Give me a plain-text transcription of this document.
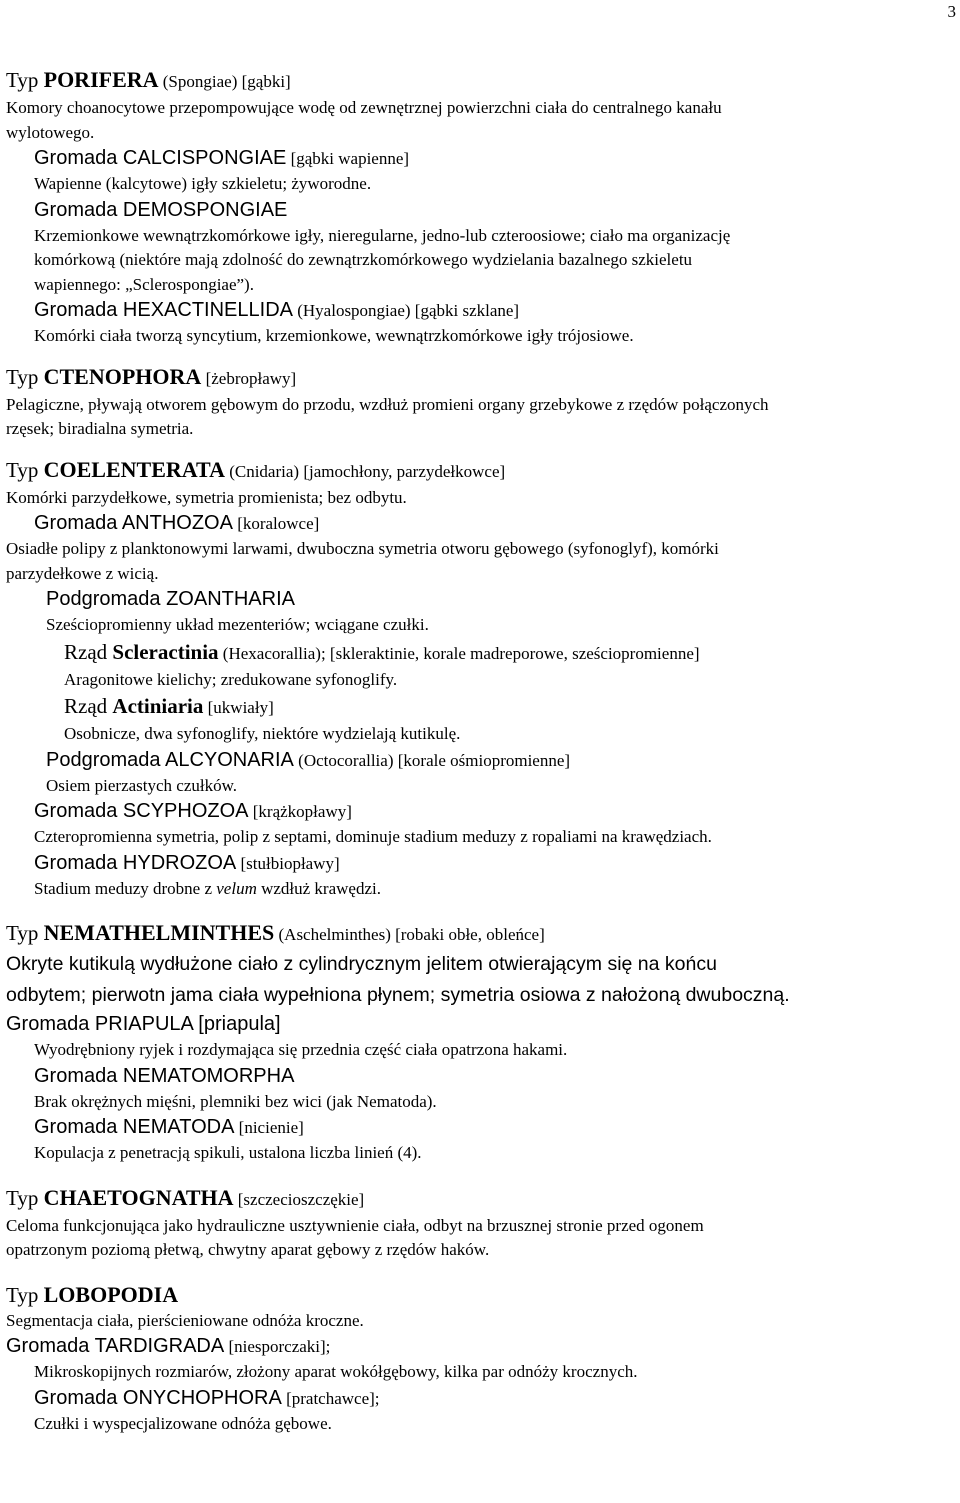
3
Typ PORIFERA (Spongiae) [gąbki]
Komory choanocytowe przepompowujące wodę od zewnętrznej powierzchni ciała do centralnego kanału
wylotowego.
Gromada CALCISPONGIAE [gąbki wapienne]
Wapienne (kalcytowe) igły szkieletu; żyworodne.
Gromada DEMOSPONGIAE
Krzemionkowe wewnątrzkomórkowe igły, nieregularne, jedno-lub czteroosiowe; ciało ma organizację
komórkową (niektóre mają zdolność do zewnątrzkomórkowego wydzielania bazalnego szkieletu
wapiennego: „Sclerospongiae”).
Gromada HEXACTINELLIDA (Hyalospongiae) [gąbki szklane]
Komórki ciała tworzą syncytium, krzemionkowe, wewnątrzkomórkowe igły trójosiowe.
Typ CTENOPHORA [żebropławy]
Pelagiczne, pływają otworem gębowym do przodu, wzdłuż promieni organy grzebykowe z rzędów połączonych
rzęsek; biradialna symetria.
Typ COELENTERATA (Cnidaria) [jamochłony, parzydełkowce]
Komórki parzydełkowe, symetria promienista; bez odbytu.
Gromada ANTHOZOA [koralowce]
Osiadłe polipy z planktonowymi larwami, dwuboczna symetria otworu gębowego (syfonoglyf), komórki
parzydełkowe z wicią.
Podgromada ZOANTHARIA
Sześciopromienny układ mezenteriów; wciągane czułki.
Rząd Scleractinia (Hexacorallia); [skleraktinie, korale madreporowe, sześciopromienne]
Aragonitowe kielichy; zredukowane syfonoglify.
Rząd Actiniaria [ukwiały]
Osobnicze, dwa syfonoglify, niektóre wydzielają kutikulę.
Podgromada ALCYONARIA (Octocorallia) [korale ośmiopromienne]
Osiem pierzastych czułków.
Gromada SCYPHOZOA [krążkopławy]
Czteropromienna symetria, polip z septami, dominuje stadium meduzy z ropaliami na krawędziach.
Gromada HYDROZOA [stułbiopławy]
Stadium meduzy drobne z velum wzdłuż krawędzi.
Typ NEMATHELMINTHES (Aschelminthes) [robaki obłe, obleńce]
Okryte kutikulą wydłużone ciało z cylindrycznym jelitem otwierającym się na końcu
odbytem; pierwotn jama ciała wypełniona płynem; symetria osiowa z nałożoną dwuboczną.
Gromada PRIAPULA [priapula]
Wyodrębniony ryjek i rozdymająca się przednia część ciała opatrzona hakami.
Gromada NEMATOMORPHA
Brak okrężnych mięśni, plemniki bez wici (jak Nematoda).
Gromada NEMATODA [nicienie]
Kopulacja z penetracją spikuli, ustalona liczba linień (4).
Typ CHAETOGNATHA [szczecioszczękie]
Celoma funkcjonująca jako hydrauliczne usztywnienie ciała, odbyt na brzusznej stronie przed ogonem
opatrzonym poziomą płetwą, chwytny aparat gębowy z rzędów haków.
Typ LOBOPODIA
Segmentacja ciała, pierścieniowane odnóża kroczne.
Gromada TARDIGRADA [niesporczaki];
Mikroskopijnych rozmiarów, złożony aparat wokółgębowy, kilka par odnóży krocznych.
Gromada ONYCHOPHORA [pratchawce];
Czułki i wyspecjalizowane odnóża gębowe.
